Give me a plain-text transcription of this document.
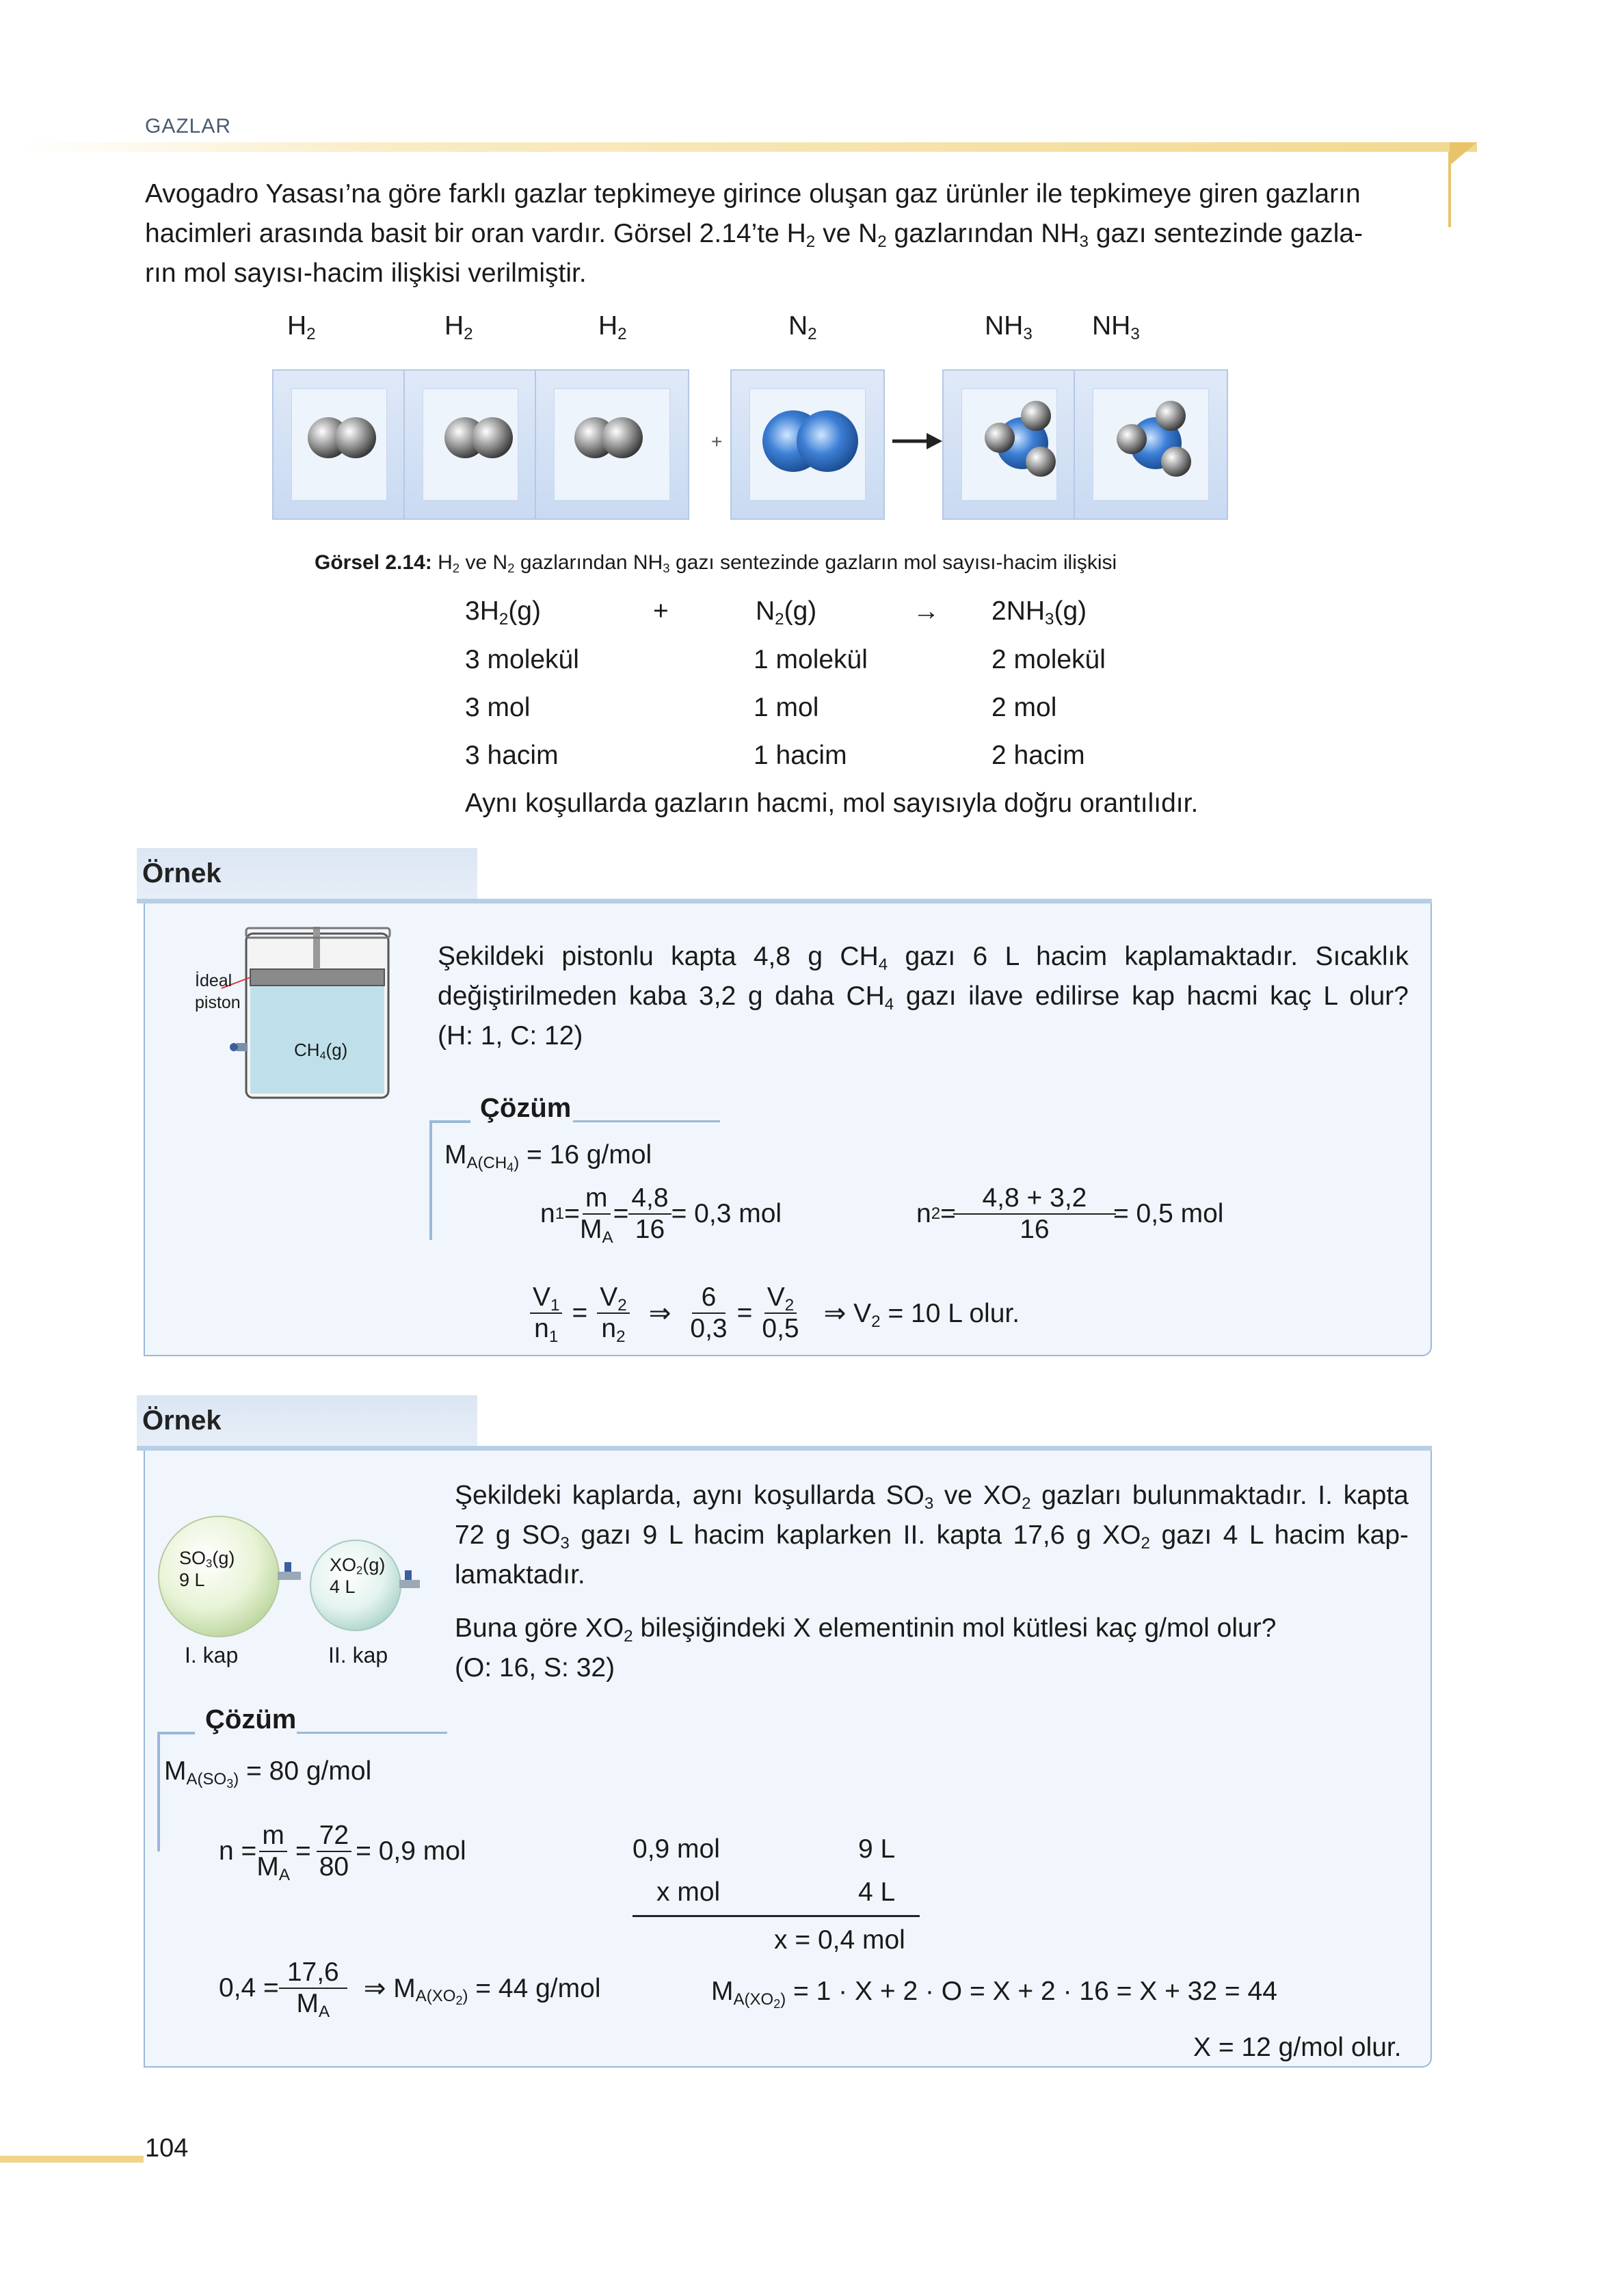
GAZLAR
Avogadro Yasası’na göre farklı gazlar tepkimeye girince oluşan gaz ürünler ile tepkimeye giren gazların
hacimleri arasında basit bir oran vardır. Görsel 2.14’te $H_2$ ve $N_2$ gazlarından $NH_3$ gazı sentezinde gazla-
rın mol sayısı-hacim ilişkisi verilmiştir.
$H_2$	$H_2$	$H_2$	$N_2$	$NH_3$ $NH_3$
+
Görsel 2.14: $H_2$ ve $N_2$ gazlarından $NH_3$ gazı sentezinde gazların mol sayısı-hacim ilişkisi
$3H_2(g)$	+	$N_2(g)$	→ $2NH_3(g)$
3 molekül	1 molekül	2 molekül
3 mol	1 mol	2 mol
3 hacim	1 hacim	2 hacim
Aynı koşullarda gazların hacmi, mol sayısıyla doğru orantılıdır.
Örnek
İdeal
piston
$CH_4(g)$
Şekildeki pistonlu kapta 4,8 g $CH_4$ gazı 6 L hacim kaplamaktadır. Sıcaklık
değiştirilmeden kaba 3,2 g daha $CH_4$ gazı ilave edilirse kap hacmi kaç L olur?
(H: 1, C: 12)
Çözüm
$M_{A(CH_4)} = 16$ g/mol
n $1 = \frac{m}{M_A} = \frac{4,8}{16} = 0,3$ mol	n $2 = \frac{4,8 + 3,2}{16} = 0,5$ mol
$\frac{V_1}{n_1} = \frac{V_2}{n_2}$ ⇒ $\frac{6}{0,3} = \frac{V_2}{0,5}$ ⇒ $V_2 = 10$ L olur.
Örnek
$SO_3(g)$
9 L
$XO_2(g)$
4 L
I. kap	II. kap
Şekildeki kaplarda, aynı koşullarda $SO_3$ ve $XO_2$ gazları bulunmaktadır. I. kapta
72 g $SO_3$ gazı 9 L hacim kaplarken II. kapta 17,6 g $XO_2$ gazı 4 L hacim kap-
lamaktadır.
Buna göre $XO_2$ bileşiğindeki X elementinin mol kütlesi kaç g/mol olur?
(O: 16, S: 32)
Çözüm
$M_{A(SO_3)} = 80$ g/mol
$n = \frac{m}{M_A} = \frac{72}{80} = 0,9$ mol	0,9 mol	9 L
x mol	4 L
x = 0,4 mol
$0,4 = \frac{17,6}{M_A}$ ⇒ $M_{A(XO_2)} = 44$ g/mol	$M_{A(XO_2)} = 1 \cdot X + 2 \cdot O = X + 2 \cdot 16 = X + 32 = 44$
X = 12 g/mol olur.
104
